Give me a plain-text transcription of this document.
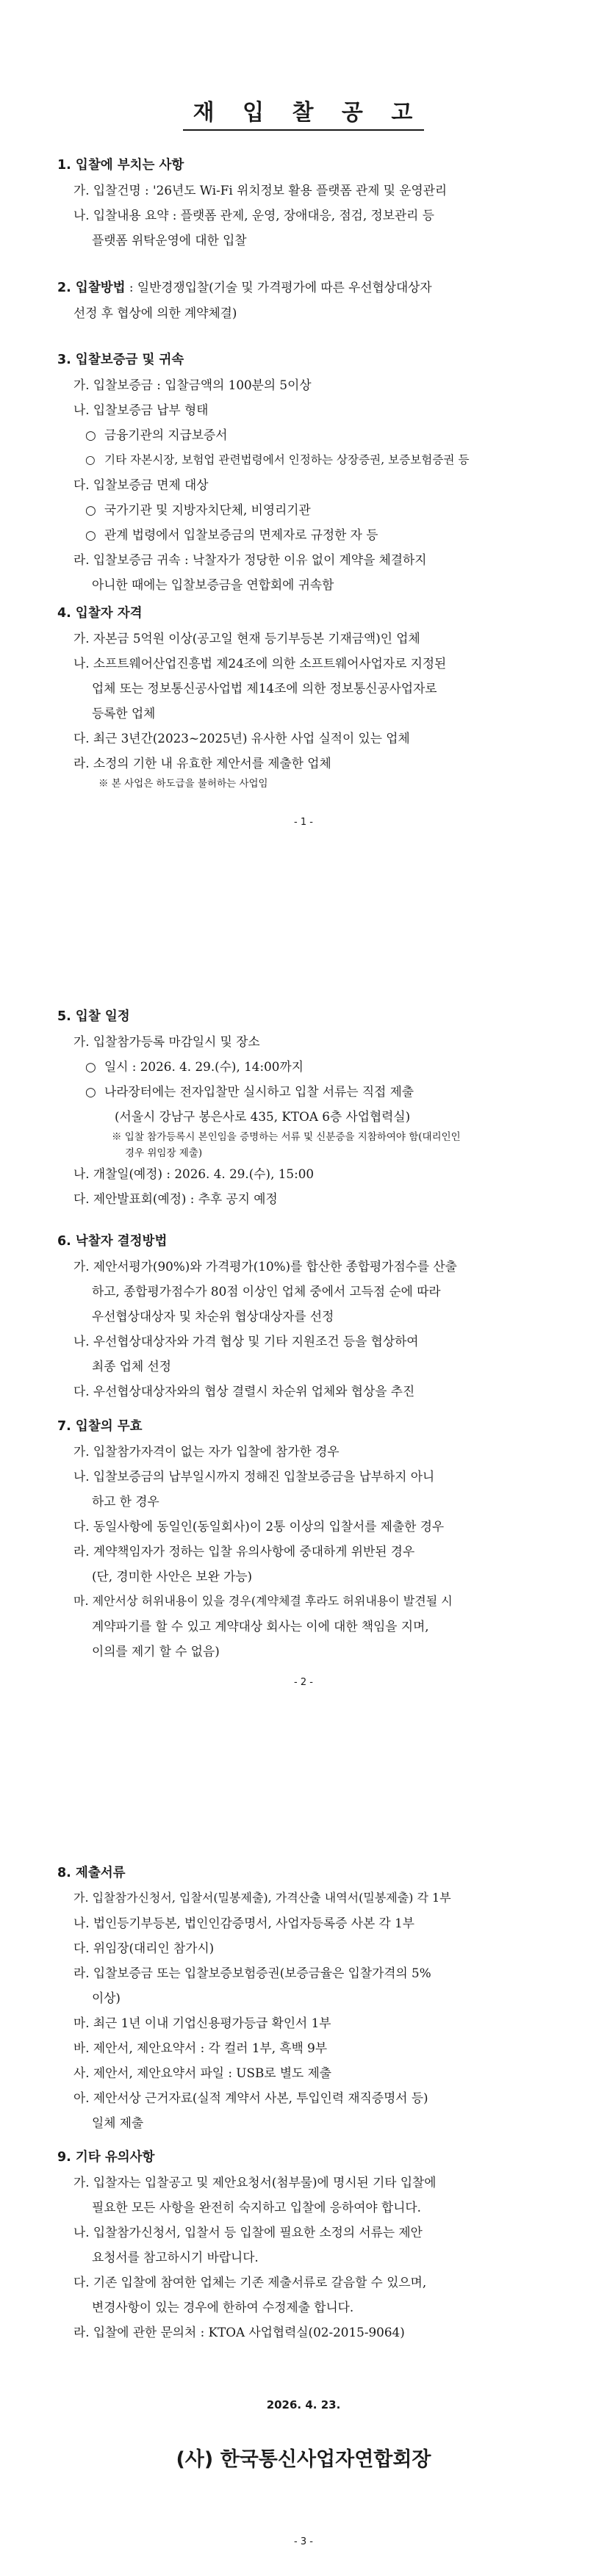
재 입 찰 공 고
1. 입찰에 부치는 사항
가. 입찰건명 : '26년도 Wi-Fi 위치정보 활용 플랫폼 관제 및 운영관리
나. 입찰내용 요약 : 플랫폼 관제, 운영, 장애대응, 점검, 정보관리 등
플랫폼 위탁운영에 대한 입찰
2. 입찰방법 : 일반경쟁입찰(기술 및 가격평가에 따른 우선협상대상자
선정 후 협상에 의한 계약체결)
3. 입찰보증금 및 귀속
가. 입찰보증금 : 입찰금액의 100분의 5이상
나. 입찰보증금 납부 형태
○ 금융기관의 지급보증서
○ 기타 자본시장, 보험업 관련법령에서 인정하는 상장증권, 보증보험증권 등
다. 입찰보증금 면제 대상
○ 국가기관 및 지방자치단체, 비영리기관
○ 관계 법령에서 입찰보증금의 면제자로 규정한 자 등
라. 입찰보증금 귀속 : 낙찰자가 정당한 이유 없이 계약을 체결하지
아니한 때에는 입찰보증금을 연합회에 귀속함
4. 입찰자 자격
가. 자본금 5억원 이상(공고일 현재 등기부등본 기재금액)인 업체
나. 소프트웨어산업진흥법 제24조에 의한 소프트웨어사업자로 지정된
업체 또는 정보통신공사업법 제14조에 의한 정보통신공사업자로
등록한 업체
다. 최근 3년간(2023~2025년) 유사한 사업 실적이 있는 업체
라. 소정의 기한 내 유효한 제안서를 제출한 업체
※ 본 사업은 하도급을 불허하는 사업임
- 1 -
5. 입찰 일정
가. 입찰참가등록 마감일시 및 장소
○ 일시 : 2026. 4. 29.(수), 14:00까지
○ 나라장터에는 전자입찰만 실시하고 입찰 서류는 직접 제출
(서울시 강남구 봉은사로 435, KTOA 6층 사업협력실)
※ 입찰 참가등록시 본인임을 증명하는 서류 및 신분증을 지참하여야 함(대리인인
경우 위임장 제출)
나. 개찰일(예정) : 2026. 4. 29.(수), 15:00
다. 제안발표회(예정) : 추후 공지 예정
6. 낙찰자 결정방법
가. 제안서평가(90%)와 가격평가(10%)를 합산한 종합평가점수를 산출
하고, 종합평가점수가 80점 이상인 업체 중에서 고득점 순에 따라
우선협상대상자 및 차순위 협상대상자를 선정
나. 우선협상대상자와 가격 협상 및 기타 지원조건 등을 협상하여
최종 업체 선정
다. 우선협상대상자와의 협상 결렬시 차순위 업체와 협상을 추진
7. 입찰의 무효
가. 입찰참가자격이 없는 자가 입찰에 참가한 경우
나. 입찰보증금의 납부일시까지 정해진 입찰보증금을 납부하지 아니
하고 한 경우
다. 동일사항에 동일인(동일회사)이 2통 이상의 입찰서를 제출한 경우
라. 계약책임자가 정하는 입찰 유의사항에 중대하게 위반된 경우
(단, 경미한 사안은 보완 가능)
마. 제안서상 허위내용이 있을 경우(계약체결 후라도 허위내용이 발견될 시
계약파기를 할 수 있고 계약대상 회사는 이에 대한 책임을 지며,
이의를 제기 할 수 없음)
- 2 -
8. 제출서류
가. 입찰참가신청서, 입찰서(밀봉제출), 가격산출 내역서(밀봉제출) 각 1부
나. 법인등기부등본, 법인인감증명서, 사업자등록증 사본 각 1부
다. 위임장(대리인 참가시)
라. 입찰보증금 또는 입찰보증보험증권(보증금율은 입찰가격의 5%
이상)
마. 최근 1년 이내 기업신용평가등급 확인서 1부
바. 제안서, 제안요약서 : 각 컬러 1부, 흑백 9부
사. 제안서, 제안요약서 파일 : USB로 별도 제출
아. 제안서상 근거자료(실적 계약서 사본, 투입인력 재직증명서 등)
일체 제출
9. 기타 유의사항
가. 입찰자는 입찰공고 및 제안요청서(첨부물)에 명시된 기타 입찰에
필요한 모든 사항을 완전히 숙지하고 입찰에 응하여야 합니다.
나. 입찰참가신청서, 입찰서 등 입찰에 필요한 소정의 서류는 제안
요청서를 참고하시기 바랍니다.
다. 기존 입찰에 참여한 업체는 기존 제출서류로 갈음할 수 있으며,
변경사항이 있는 경우에 한하여 수정제출 합니다.
라. 입찰에 관한 문의처 : KTOA 사업협력실(02-2015-9064)
2026. 4. 23.
(사) 한국통신사업자연합회장
- 3 -
